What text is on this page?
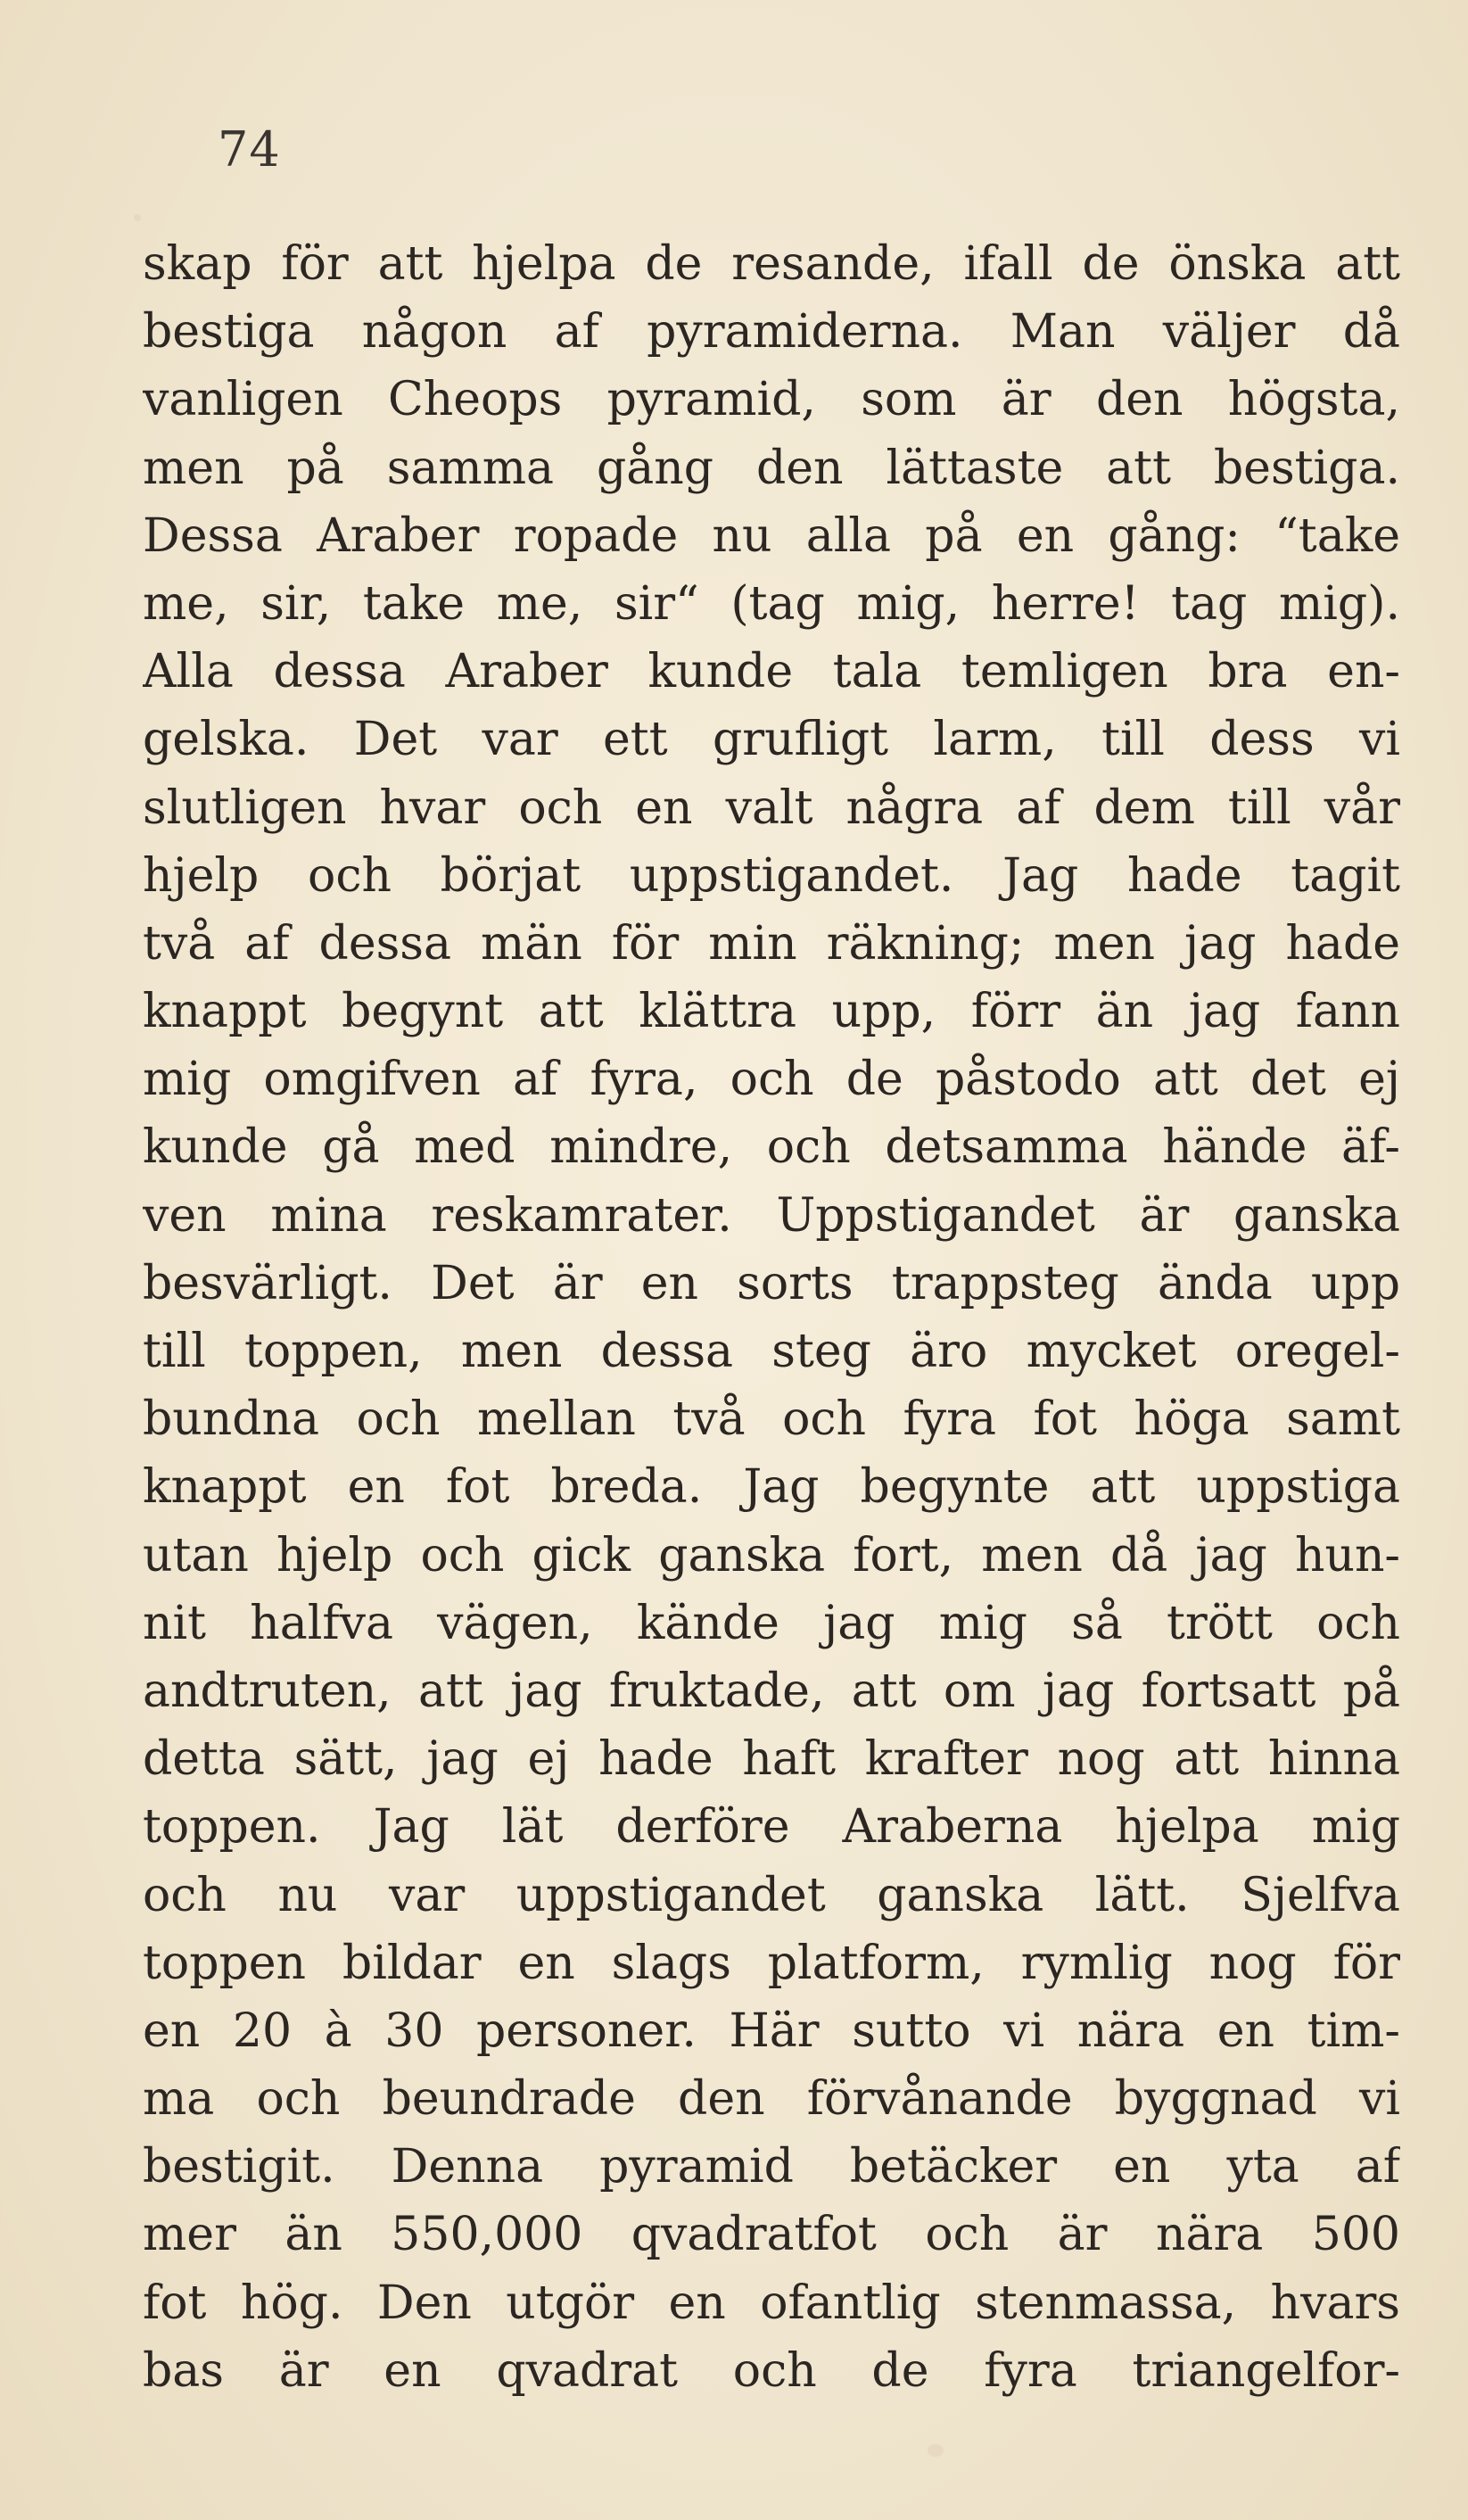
74
skap för att hjelpa de resande, ifall de önska att
bestiga någon af pyramiderna. Man väljer då
vanligen Cheops pyramid, som är den högsta,
men på samma gång den lättaste att bestiga.
Dessa Araber ropade nu alla på en gång: “take
me, sir, take me, sir“ (tag mig, herre! tag mig).
Alla dessa Araber kunde tala temligen bra en-
gelska. Det var ett grufligt larm, till dess vi
slutligen hvar och en valt några af dem till vår
hjelp och börjat uppstigandet. Jag hade tagit
två af dessa män för min räkning; men jag hade
knappt begynt att klättra upp, förr än jag fann
mig omgifven af fyra, och de påstodo att det ej
kunde gå med mindre, och detsamma hände äf-
ven mina reskamrater. Uppstigandet är ganska
besvärligt. Det är en sorts trappsteg ända upp
till toppen, men dessa steg äro mycket oregel-
bundna och mellan två och fyra fot höga samt
knappt en fot breda. Jag begynte att uppstiga
utan hjelp och gick ganska fort, men då jag hun-
nit halfva vägen, kände jag mig så trött och
andtruten, att jag fruktade, att om jag fortsatt på
detta sätt, jag ej hade haft krafter nog att hinna
toppen. Jag lät derföre Araberna hjelpa mig
och nu var uppstigandet ganska lätt. Sjelfva
toppen bildar en slags platform, rymlig nog för
en 20 à 30 personer. Här sutto vi nära en tim-
ma och beundrade den förvånande byggnad vi
bestigit. Denna pyramid betäcker en yta af
mer än 550,000 qvadratfot och är nära 500
fot hög. Den utgör en ofantlig stenmassa, hvars
bas är en qvadrat och de fyra triangelfor-
